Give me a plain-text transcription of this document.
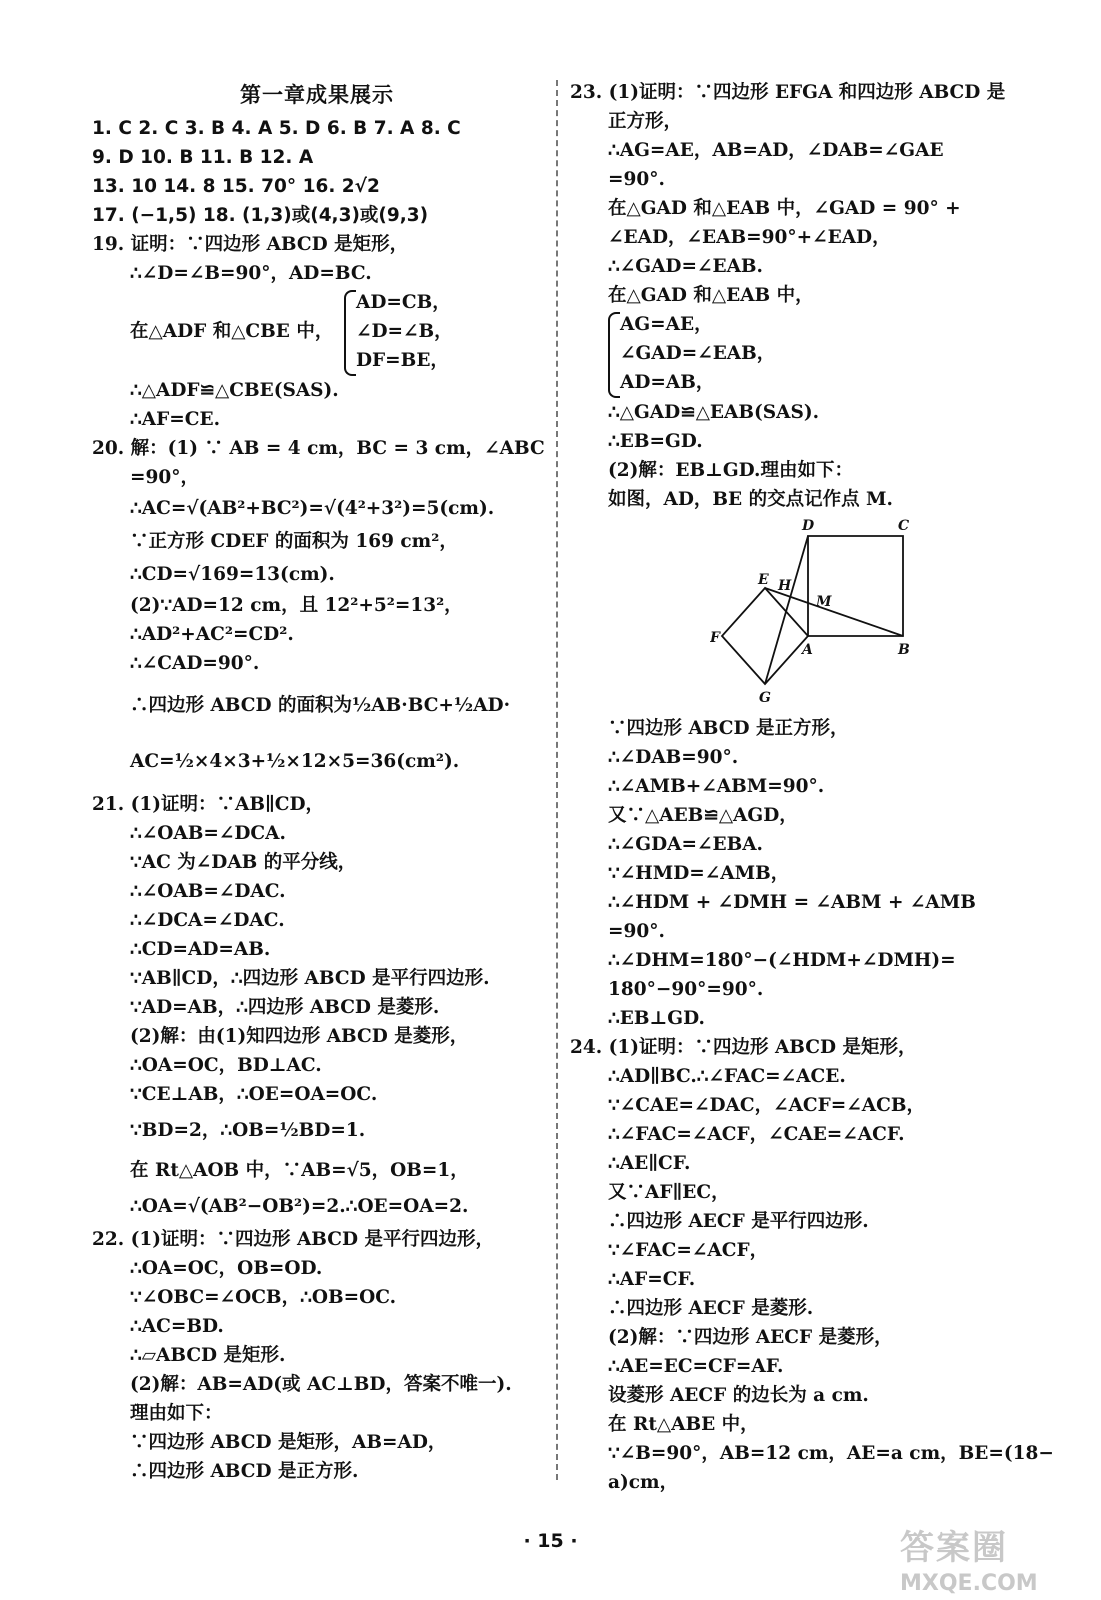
第一章成果展示
1. C 2. C 3. B 4. A 5. D 6. B 7. A 8. C
9. D 10. B 11. B 12. A
13. 10 14. 8 15. 70° 16. 2√2
17. (−1,5) 18. (1,3)或(4,3)或(9,3)
19. 证明：∵四边形 ABCD 是矩形，
∴∠D=∠B=90°，AD=BC.
在△ADF 和△CBE 中，
AD=CB，
∠D=∠B，
DF=BE，
∴△ADF≌△CBE(SAS).
∴AF=CE.
20. 解：(1) ∵ AB = 4 cm，BC = 3 cm，∠ABC
=90°，
∴AC=√(AB²+BC²)=√(4²+3²)=5(cm).
∵正方形 CDEF 的面积为 169 cm²，
∴CD=√169=13(cm).
(2)∵AD=12 cm，且 12²+5²=13²，
∴AD²+AC²=CD².
∴∠CAD=90°.
∴四边形 ABCD 的面积为½AB·BC+½AD·
AC=½×4×3+½×12×5=36(cm²).
21. (1)证明：∵AB∥CD，
∴∠OAB=∠DCA.
∵AC 为∠DAB 的平分线，
∴∠OAB=∠DAC.
∴∠DCA=∠DAC.
∴CD=AD=AB.
∵AB∥CD，∴四边形 ABCD 是平行四边形.
∵AD=AB，∴四边形 ABCD 是菱形.
(2)解：由(1)知四边形 ABCD 是菱形，
∴OA=OC，BD⊥AC.
∵CE⊥AB，∴OE=OA=OC.
∵BD=2，∴OB=½BD=1.
在 Rt△AOB 中，∵AB=√5，OB=1，
∴OA=√(AB²−OB²)=2.∴OE=OA=2.
22. (1)证明：∵四边形 ABCD 是平行四边形，
∴OA=OC，OB=OD.
∵∠OBC=∠OCB，∴OB=OC.
∴AC=BD.
∴▱ABCD 是矩形.
(2)解：AB=AD(或 AC⊥BD，答案不唯一).
理由如下：
∵四边形 ABCD 是矩形，AB=AD，
∴四边形 ABCD 是正方形.
23. (1)证明：∵四边形 EFGA 和四边形 ABCD 是
正方形，
∴AG=AE，AB=AD，∠DAB=∠GAE
=90°.
在△GAD 和△EAB 中，∠GAD = 90° +
∠EAD，∠EAB=90°+∠EAD，
∴∠GAD=∠EAB.
在△GAD 和△EAB 中，
AG=AE，
∠GAD=∠EAB，
AD=AB，
∴△GAD≌△EAB(SAS).
∴EB=GD.
(2)解：EB⊥GD.理由如下：
如图，AD，BE 的交点记作点 M.
D	C
E H
M
F
A	B
G
∵四边形 ABCD 是正方形，
∴∠DAB=90°.
∴∠AMB+∠ABM=90°.
又∵△AEB≌△AGD，
∴∠GDA=∠EBA.
∵∠HMD=∠AMB，
∴∠HDM + ∠DMH = ∠ABM + ∠AMB
=90°.
∴∠DHM=180°−(∠HDM+∠DMH)=
180°−90°=90°.
∴EB⊥GD.
24. (1)证明：∵四边形 ABCD 是矩形，
∴AD∥BC.∴∠FAC=∠ACE.
∵∠CAE=∠DAC，∠ACF=∠ACB，
∴∠FAC=∠ACF，∠CAE=∠ACF.
∴AE∥CF.
又∵AF∥EC，
∴四边形 AECF 是平行四边形.
∵∠FAC=∠ACF，
∴AF=CF.
∴四边形 AECF 是菱形.
(2)解：∵四边形 AECF 是菱形，
∴AE=EC=CF=AF.
设菱形 AECF 的边长为 a cm.
在 Rt△ABE 中，
∵∠B=90°，AB=12 cm，AE=a cm，BE=(18−
a)cm，
· 15 ·	答案圈
MXQE.COM
